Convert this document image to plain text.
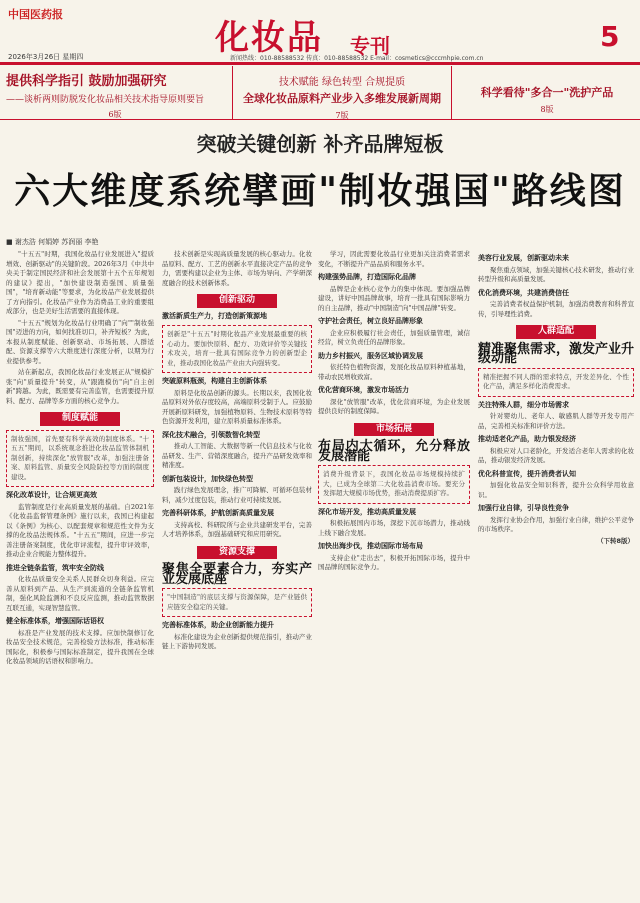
中国医药报
化妆品 专刊	5
2026年3月26日 星期四	新闻热线：010-88588532 传真：010-88588532 E-mail：cosmetics@cccmhpie.com.cn
提供科学指引 鼓励加强研究
——谈析两则防脱发化妆品相关技术指导原则要旨
6版
技术赋能 绿色转型 合规提质
全球化妆品原料产业步入多维发展新周期
7版
科学看待"多合一"洗护产品
8版
突破关键创新 补齐品牌短板
六大维度系统擘画"制妆强国"路线图
■ 谢杰浩 何娟婷 苏润丽 李艳

"十五五"时期，我国化妆品行业发展进入"提质增效、创新驱动"的关键阶段。2026年3月《中共中央关于制定国民经济和社会发展第十五个五年规划的建议》提出，"加快建设制造强国、质量强国"，"培育新动能"等要求，为化妆品产业发展提供了方向指引。化妆品产业作为消费品工业的重要组成部分，也是美好生活需要的直接体现。

"十五五"规划为化妆品行业明确了"向""制妆强国"迈进的方向，如何找准切口，补齐短板？为此，本报从制度赋能、创新驱动、市场拓展、人群适配、资源支撑等六大维度进行深度分析，以期为行业提供参考。

站在新起点，我国化妆品行业发展正从"规模扩张"向"质量提升"转变，从"跟跑模仿"向"自主创新"跨越。为此，既需要有完善监管，也需要提升原料、配方、品牌等多方面的核心竞争力。

制度赋能
制妆强国，首先要有科学高效的制度体系。"十五五"期间，以系统观念推进化妆品监管体制机制创新，持续深化"放管服"改革，加强注册备案、原料监管、质量安全风险防控等方面的制度建设。
深化改革设计，让合规更高效

监管制度是行业高质量发展的基础。自2021年《化妆品监督管理条例》施行以来，我国已构建起以《条例》为核心、以配套规章和规范性文件为支撑的化妆品法规体系。"十五五"期间，应进一步完善注册备案制度，优化审评流程，提升审评效率，推动企业合规能力整体提升。

推进全链条监管，筑牢安全防线

化妆品质量安全关系人民群众切身利益。应完善从原料到产品、从生产到流通的全链条监管机制，强化风险监测和不良反应监测，推动监管数据互联互通，实现智慧监管。

健全标准体系，增强国际话语权

标准是产业发展的技术支撑。应加快制修订化妆品安全技术规范，完善检验方法标准，推动标准国际化，积极参与国际标准制定，提升我国在全球化妆品领域的话语权和影响力。

技术创新是实现高质量发展的核心驱动力。化妆品原料、配方、工艺的创新水平直接决定产品的竞争力，需要构建以企业为主体、市场为导向、产学研深度融合的技术创新体系。

创新驱动
激活新质生产力，打造创新策源地
创新是"十五五"时期化妆品产业发展最重要的核心动力。要加快原料、配方、功效评价等关键技术攻关，培育一批具有国际竞争力的创新型企业，推动我国化妆品产业由大向强转变。
突破原料瓶颈，构建自主创新体系

原料是化妆品创新的源头。长期以来，我国化妆品原料对外依存度较高，高端原料受制于人。应鼓励开展新原料研发，加强植物原料、生物技术原料等特色资源开发利用，建立原料质量标准体系。

深化技术融合，引领数智化转型

推动人工智能、大数据等新一代信息技术与化妆品研发、生产、营销深度融合，提升产品研发效率和精准度。

创新包装设计，加快绿色转型

践行绿色发展理念，推广可降解、可循环包装材料，减少过度包装，推动行业可持续发展。

完善科研体系，护航创新高质量发展

支持高校、科研院所与企业共建研发平台，完善人才培养体系，加强基础研究和应用研究。

资源支撑
聚焦全要素合力，夯实产业发展底座
"中国制造"的底层支撑与资源保障，是产业链供应链安全稳定的关键。
完善标准体系，助企业创新能力提升

标准化建设为企业创新提供规范指引，推动产业链上下游协同发展。

学习，因此需要化妆品行业更加关注消费者需求变化，不断提升产品品质和服务水平。

构建强势品牌，打造国际化品牌

品牌是企业核心竞争力的集中体现。要加强品牌建设，讲好中国品牌故事，培育一批具有国际影响力的自主品牌，推动"中国制造"向"中国品牌"转变。

守护社会责任，树立良好品牌形象

企业应积极履行社会责任，加强质量管理，诚信经营，树立负责任的品牌形象。

助力乡村振兴，服务区域协调发展

依托特色植物资源，发展化妆品原料种植基地，带动农民增收致富。

优化营商环境，激发市场活力

深化"放管服"改革，优化营商环境，为企业发展提供良好的制度保障。

市场拓展
布局内大循环，允分释放发展潜能
消费升级背景下，我国化妆品市场规模持续扩大，已成为全球第二大化妆品消费市场。要充分发挥超大规模市场优势，推动消费提质扩容。
深化市场开发，推动高质量发展

积极拓展国内市场，深挖下沉市场潜力，推动线上线下融合发展。

加快出海步伐，推动国际市场布局

支持企业"走出去"，积极开拓国际市场，提升中国品牌的国际竞争力。

美容行业发展，创新驱动未来

聚焦重点领域，加强关键核心技术研发，推动行业转型升级和高质量发展。

优化消费环境，共建消费信任

完善消费者权益保护机制，加强消费教育和科普宣传，引导理性消费。

人群适配
精准聚焦需求，激发产业升级动能
精准把握不同人群的需求特点，开发差异化、个性化产品，满足多样化消费需求。
关注特殊人群，细分市场需求

针对婴幼儿、老年人、敏感肌人群等开发专用产品，完善相关标准和评价方法。

推动适老化产品，助力银发经济

积极应对人口老龄化，开发适合老年人需求的化妆品，推动银发经济发展。

优化科普宣传，提升消费者认知

加强化妆品安全知识科普，提升公众科学用妆意识。

加强行业自律，引导良性竞争

发挥行业协会作用，加强行业自律，维护公平竞争的市场秩序。

（下转8版）
